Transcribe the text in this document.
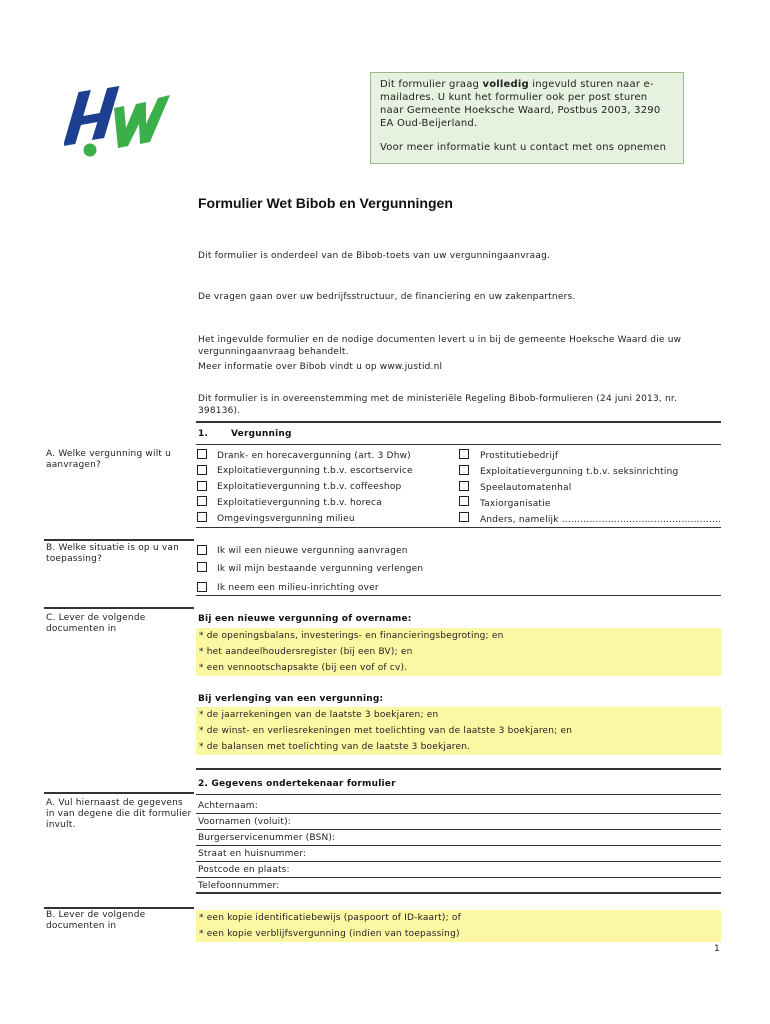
Dit formulier graag volledig ingevuld sturen naar e-mailadres. U kunt het formulier ook per post sturen naar Gemeente Hoeksche Waard, Postbus 2003, 3290 EA Oud-Beijerland.

Voor meer informatie kunt u contact met ons opnemen

Formulier Wet Bibob en Vergunningen
Dit formulier is onderdeel van de Bibob-toets van uw vergunningaanvraag.
De vragen gaan over uw bedrijfsstructuur, de financiering en uw zakenpartners.
Het ingevulde formulier en de nodige documenten levert u in bij de gemeente Hoeksche Waard die uw vergunningaanvraag behandelt.
Meer informatie over Bibob vindt u op www.justid.nl
Dit formulier is in overeenstemming met de ministeriële Regeling Bibob-formulieren (24 juni 2013, nr. 398136).
1.	Vergunning
A. Welke vergunning wilt u aanvragen?
Drank- en horecavergunning (art. 3 Dhw)
Exploitatievergunning t.b.v. escortservice
Exploitatievergunning t.b.v. coffeeshop
Exploitatievergunning t.b.v. horeca
Omgevingsvergunning milieu
Prostitutiebedrijf
Exploitatievergunning t.b.v. seksinrichting
Speelautomatenhal
Taxiorganisatie
Anders, namelijk …………………………………………….
B. Welke situatie is op u van toepassing?
Ik wil een nieuwe vergunning aanvragen
Ik wil mijn bestaande vergunning verlengen
Ik neem een milieu-inrichting over
C. Lever de volgende documenten in
Bij een nieuwe vergunning of overname:
* de openingsbalans, investerings- en financieringsbegroting; en
* het aandeelhoudersregister (bij een BV); en
* een vennootschapsakte (bij een vof of cv).
Bij verlenging van een vergunning:
* de jaarrekeningen van de laatste 3 boekjaren; en
* de winst- en verliesrekeningen met toelichting van de laatste 3 boekjaren; en
* de balansen met toelichting van de laatste 3 boekjaren.
2. Gegevens ondertekenaar formulier
A. Vul hiernaast de gegevens in van degene die dit formulier invult.
Achternaam:
Voornamen (voluit):
Burgerservicenummer (BSN):
Straat en huisnummer:
Postcode en plaats:
Telefoonnummer:
B. Lever de volgende documenten in
* een kopie identificatiebewijs (paspoort of ID-kaart); of
* een kopie verblijfsvergunning (indien van toepassing)
1
